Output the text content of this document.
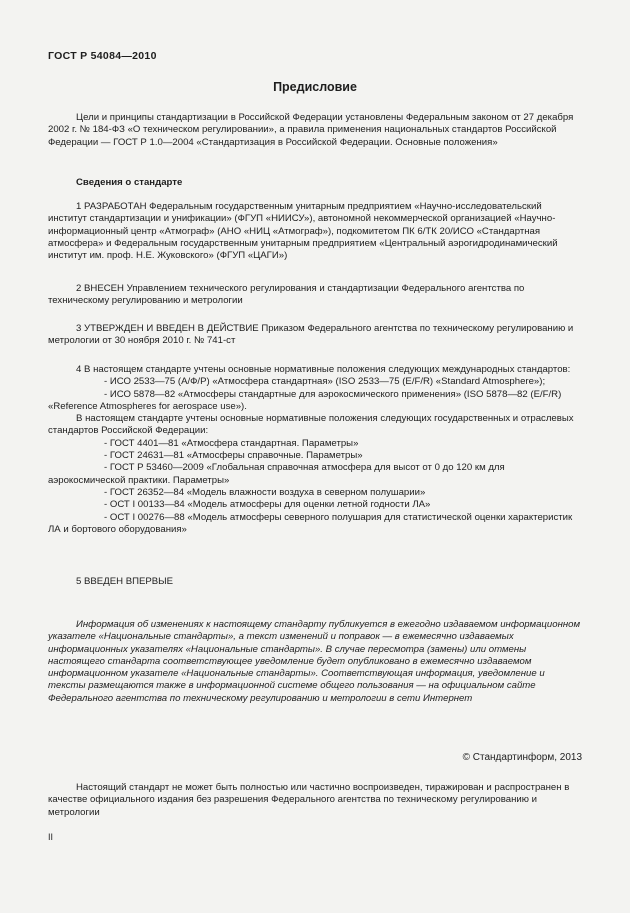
ГОСТ Р 54084—2010
Предисловие

Цели и принципы стандартизации в Российской Федерации установлены Федеральным законом от 27 декабря 2002 г. № 184-ФЗ «О техническом регулировании», а правила применения национальных стандартов Российской Федерации — ГОСТ Р 1.0—2004 «Стандартизация в Российской Федерации. Основные положения»

Сведения о стандарте

1 РАЗРАБОТАН Федеральным государственным унитарным предприятием «Научно-исследовательский институт стандартизации и унификации» (ФГУП «НИИСУ»), автономной некоммерческой организацией «Научно-информационный центр «Атмограф» (АНО «НИЦ «Атмограф»), подкомитетом ПК 6/ТК 20/ИСО «Стандартная атмосфера» и Федеральным государственным унитарным предприятием «Центральный аэрогидродинамический институт им. проф. Н.Е. Жуковского» (ФГУП «ЦАГИ»)

2 ВНЕСЕН Управлением технического регулирования и стандартизации Федерального агентства по техническому регулированию и метрологии

3 УТВЕРЖДЕН И ВВЕДЕН В ДЕЙСТВИЕ Приказом Федерального агентства по техническому регулированию и метрологии от 30 ноября 2010 г. № 741-ст

4 В настоящем стандарте учтены основные нормативные положения следующих международных стандартов:

- ИСО 2533—75 (А/Ф/Р) «Атмосфера стандартная» (ISO 2533—75 (E/F/R) «Standard Atmosphere»);

- ИСО 5878—82 «Атмосферы стандартные для аэрокосмического применения» (ISO 5878—82 (E/F/R) «Reference Atmospheres for aerospace use»).

В настоящем стандарте учтены основные нормативные положения следующих государственных и отраслевых стандартов Российской Федерации:

- ГОСТ 4401—81 «Атмосфера стандартная. Параметры»

- ГОСТ 24631—81 «Атмосферы справочные. Параметры»

- ГОСТ Р 53460—2009 «Глобальная справочная атмосфера для высот от 0 до 120 км для аэрокосмической практики. Параметры»

- ГОСТ 26352—84 «Модель влажности воздуха в северном полушарии»

- ОСТ I 00133—84 «Модель атмосферы для оценки летной годности ЛА»

- ОСТ I 00276—88 «Модель атмосферы северного полушария для статистической оценки характеристик ЛА и бортового оборудования»

5 ВВЕДЕН ВПЕРВЫЕ

Информация об изменениях к настоящему стандарту публикуется в ежегодно издаваемом информационном указателе «Национальные стандарты», а текст изменений и поправок — в ежемесячно издаваемых информационных указателях «Национальные стандарты». В случае пересмотра (замены) или отмены настоящего стандарта соответствующее уведомление будет опубликовано в ежемесячно издаваемом информационном указателе «Национальные стандарты». Соответствующая информация, уведомление и тексты размещаются также в информационной системе общего пользования — на официальном сайте Федерального агентства по техническому регулированию и метрологии в сети Интернет

© Стандартинформ, 2013

Настоящий стандарт не может быть полностью или частично воспроизведен, тиражирован и распространен в качестве официального издания без разрешения Федерального агентства по техническому регулированию и метрологии

II
